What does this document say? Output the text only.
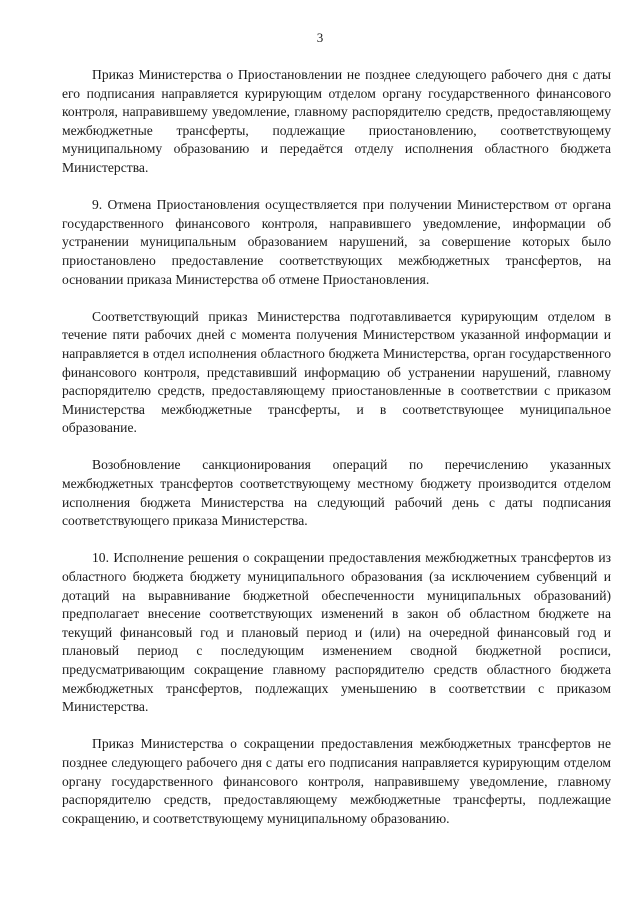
3

Приказ Министерства о Приостановлении не позднее следующего рабочего дня с даты его подписания направляется курирующим отделом органу государственного финансового контроля, направившему уведомление, главному распорядителю средств, предоставляющему межбюджетные трансферты, подлежащие приостановлению, соответствующему муниципальному образованию и передаётся отделу исполнения областного бюджета Министерства.

9. Отмена Приостановления осуществляется при получении Министерством от органа государственного финансового контроля, направившего уведомление, информации об устранении муниципальным образованием нарушений, за совершение которых было приостановлено предоставление соответствующих межбюджетных трансфертов, на основании приказа Министерства об отмене Приостановления.

Соответствующий приказ Министерства подготавливается курирующим отделом в течение пяти рабочих дней с момента получения Министерством указанной информации и направляется в отдел исполнения областного бюджета Министерства, орган государственного финансового контроля, представивший информацию об устранении нарушений, главному распорядителю средств, предоставляющему приостановленные в соответствии с приказом Министерства межбюджетные трансферты, и в соответствующее муниципальное образование.

Возобновление санкционирования операций по перечислению указанных межбюджетных трансфертов соответствующему местному бюджету производится отделом исполнения бюджета Министерства на следующий рабочий день с даты подписания соответствующего приказа Министерства.

10. Исполнение решения о сокращении предоставления межбюджетных трансфертов из областного бюджета бюджету муниципального образования (за исключением субвенций и дотаций на выравнивание бюджетной обеспеченности муниципальных образований) предполагает внесение соответствующих изменений в закон об областном бюджете на текущий финансовый год и плановый период и (или) на очередной финансовый год и плановый период с последующим изменением сводной бюджетной росписи, предусматривающим сокращение главному распорядителю средств областного бюджета межбюджетных трансфертов, подлежащих уменьшению в соответствии с приказом Министерства.

Приказ Министерства о сокращении предоставления межбюджетных трансфертов не позднее следующего рабочего дня с даты его подписания направляется курирующим отделом органу государственного финансового контроля, направившему уведомление, главному распорядителю средств, предоставляющему межбюджетные трансферты, подлежащие сокращению, и соответствующему муниципальному образованию.
